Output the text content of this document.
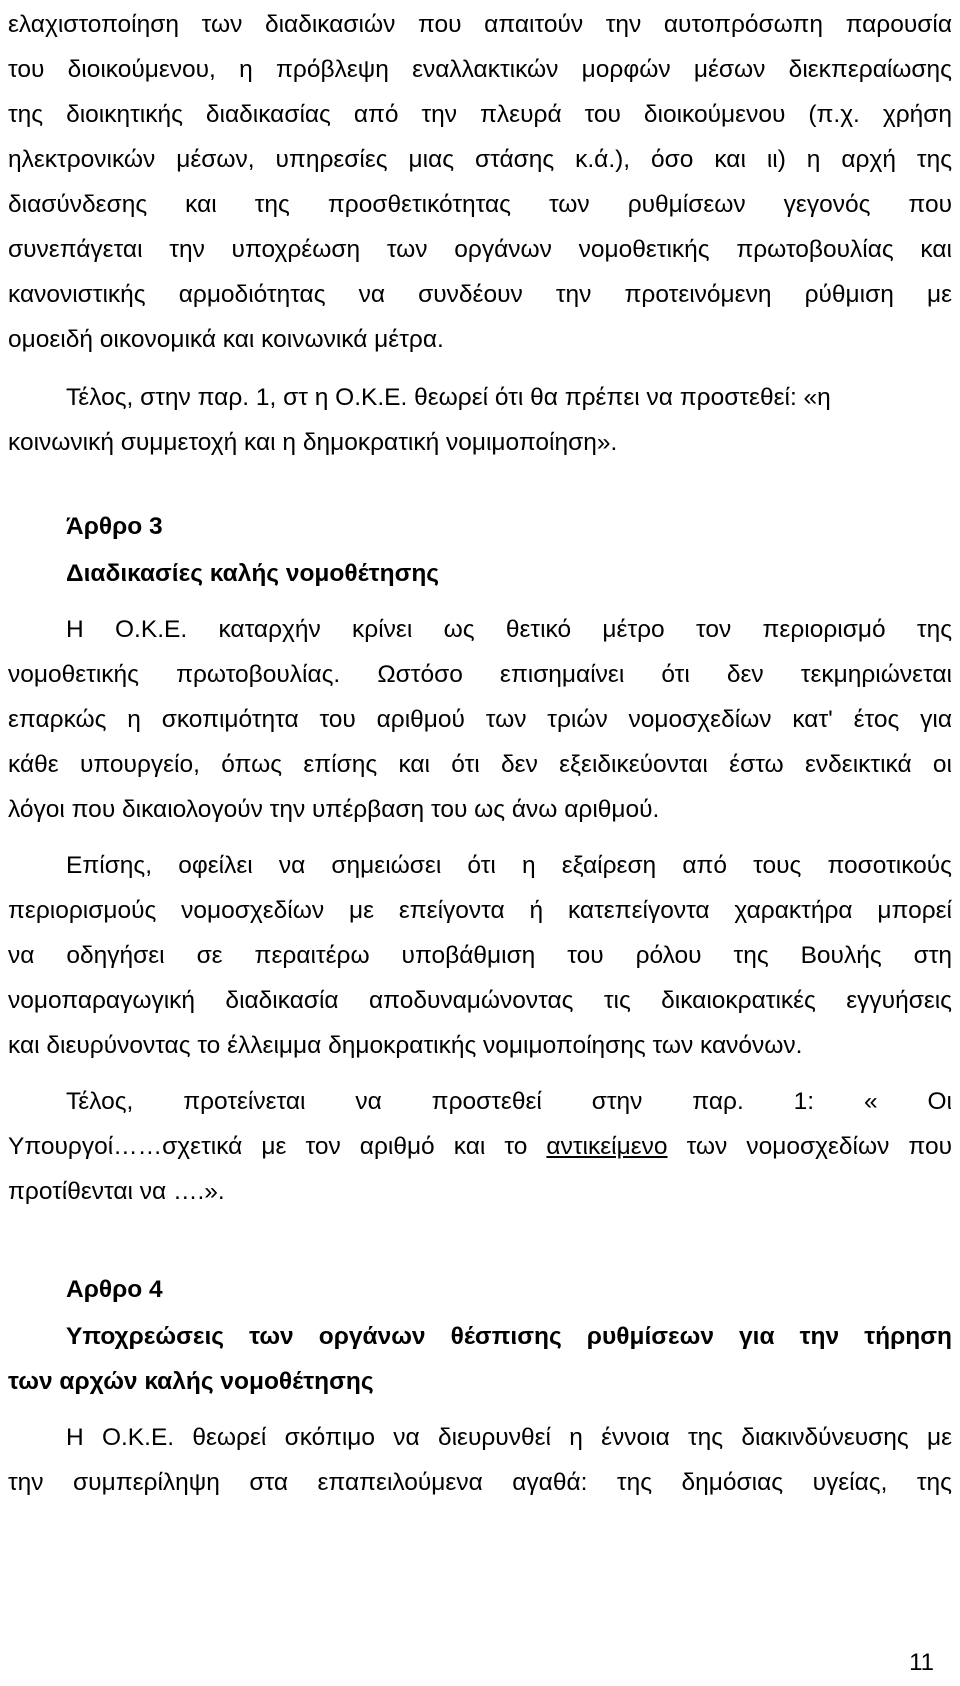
ελαχιστοποίηση των διαδικασιών που απαιτούν την αυτοπρόσωπη παρουσία
του διοικούμενου, η πρόβλεψη εναλλακτικών μορφών μέσων διεκπεραίωσης
της διοικητικής διαδικασίας από την πλευρά του διοικούμενου (π.χ. χρήση
ηλεκτρονικών μέσων, υπηρεσίες μιας στάσης κ.ά.), όσο και ιι) η αρχή της
διασύνδεσης και της προσθετικότητας των ρυθμίσεων γεγονός που
συνεπάγεται την υποχρέωση των οργάνων νομοθετικής πρωτοβουλίας και
κανονιστικής αρμοδιότητας να συνδέουν την προτεινόμενη ρύθμιση με
ομοειδή οικονομικά και κοινωνικά μέτρα.
Τέλος, στην παρ. 1, στ η Ο.Κ.Ε. θεωρεί ότι θα πρέπει να προστεθεί: «η
κοινωνική συμμετοχή και η δημοκρατική νομιμοποίηση».
Άρθρο 3
Διαδικασίες καλής νομοθέτησης
Η Ο.Κ.Ε. καταρχήν κρίνει ως θετικό μέτρο τον περιορισμό της
νομοθετικής πρωτοβουλίας. Ωστόσο επισημαίνει ότι δεν τεκμηριώνεται
επαρκώς η σκοπιμότητα του αριθμού των τριών νομοσχεδίων κατ' έτος για
κάθε υπουργείο, όπως επίσης και ότι δεν εξειδικεύονται έστω ενδεικτικά οι
λόγοι που δικαιολογούν την υπέρβαση του ως άνω αριθμού.
Επίσης, οφείλει να σημειώσει ότι η εξαίρεση από τους ποσοτικούς
περιορισμούς νομοσχεδίων με επείγοντα ή κατεπείγοντα χαρακτήρα μπορεί
να οδηγήσει σε περαιτέρω υποβάθμιση του ρόλου της Βουλής στη
νομοπαραγωγική διαδικασία αποδυναμώνοντας τις δικαιοκρατικές εγγυήσεις
και διευρύνοντας το έλλειμμα δημοκρατικής νομιμοποίησης των κανόνων.
Τέλος, προτείνεται να προστεθεί στην παρ. 1: « Οι
Υπουργοί……σχετικά με τον αριθμό και το αντικείμενο των νομοσχεδίων που
προτίθενται να ….».
Αρθρο 4
Υποχρεώσεις των οργάνων θέσπισης ρυθμίσεων για την τήρηση
των αρχών καλής νομοθέτησης
Η Ο.Κ.Ε. θεωρεί σκόπιμο να διευρυνθεί η έννοια της διακινδύνευσης με
την συμπερίληψη στα επαπειλούμενα αγαθά: της δημόσιας υγείας, της
11
